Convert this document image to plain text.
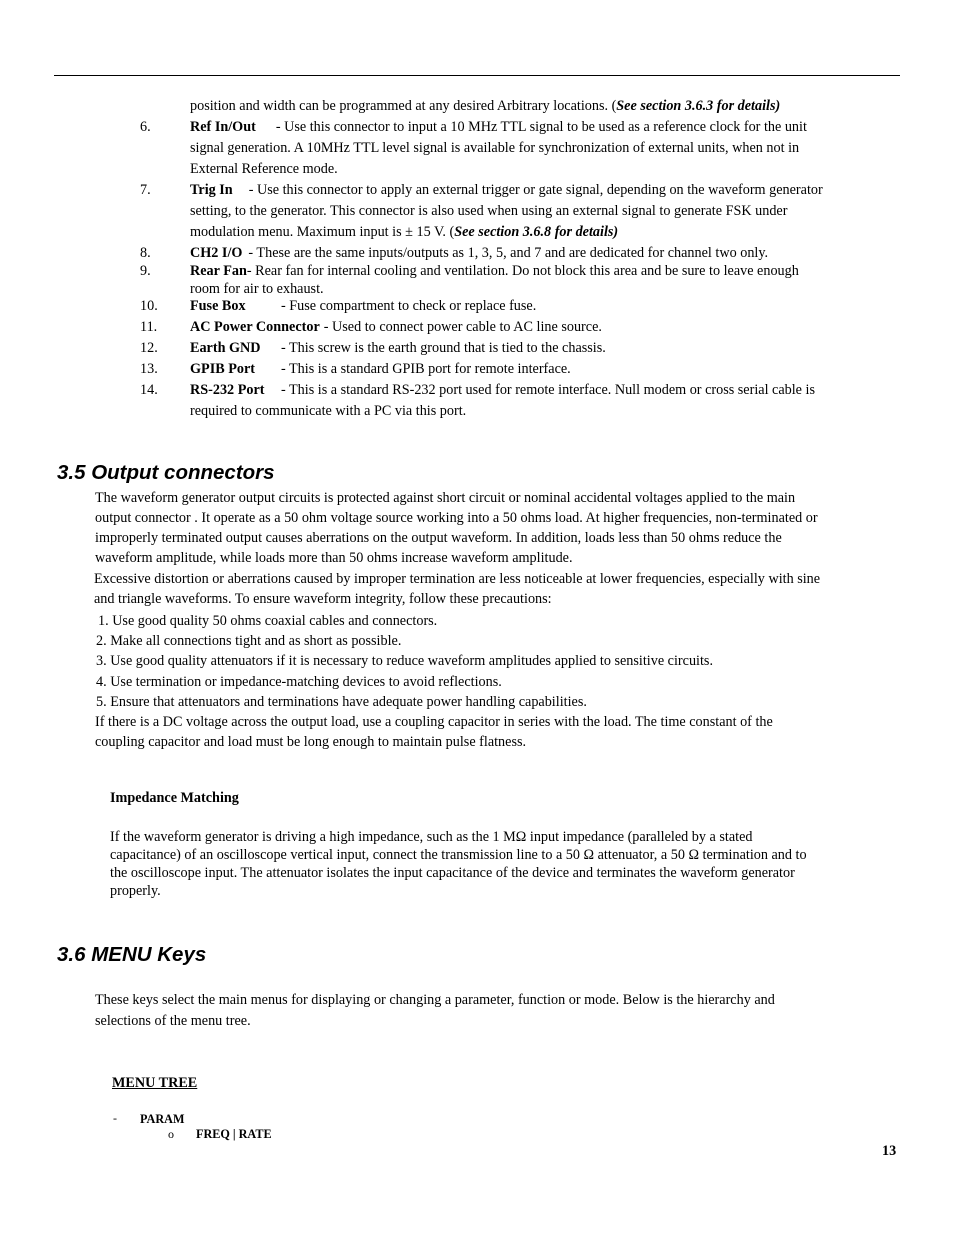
position and width can be programmed at any desired Arbitrary locations. (See section 3.6.3 for details)
6.	Ref In/Out - Use this connector to input a 10 MHz TTL signal to be used as a reference clock for the unit
signal generation. A 10MHz TTL level signal is available for synchronization of external units, when not in
External Reference mode.
7.	Trig In - Use this connector to apply an external trigger or gate signal, depending on the waveform generator
setting, to the generator. This connector is also used when using an external signal to generate FSK under
modulation menu. Maximum input is ± 15 V. (See section 3.6.8 for details)
8.	CH2 I/O - These are the same inputs/outputs as 1, 3, 5, and 7 and are dedicated for channel two only.
9.	Rear Fan- Rear fan for internal cooling and ventilation. Do not block this area and be sure to leave enough
room for air to exhaust.
10. Fuse Box - Fuse compartment to check or replace fuse.
11. AC Power Connector - Used to connect power cable to AC line source.
12. Earth GND - This screw is the earth ground that is tied to the chassis.
13. GPIB Port - This is a standard GPIB port for remote interface.
14. RS-232 Port - This is a standard RS-232 port used for remote interface. Null modem or cross serial cable is
required to communicate with a PC via this port.
3.5 Output connectors
The waveform generator output circuits is protected against short circuit or nominal accidental voltages applied to the main
output connector . It operate as a 50 ohm voltage source working into a 50 ohms load. At higher frequencies, non-terminated or
improperly terminated output causes aberrations on the output waveform. In addition, loads less than 50 ohms reduce the
waveform amplitude, while loads more than 50 ohms increase waveform amplitude.
Excessive distortion or aberrations caused by improper termination are less noticeable at lower frequencies, especially with sine
and triangle waveforms. To ensure waveform integrity, follow these precautions:
1. Use good quality 50 ohms coaxial cables and connectors.
2. Make all connections tight and as short as possible.
3. Use good quality attenuators if it is necessary to reduce waveform amplitudes applied to sensitive circuits.
4. Use termination or impedance-matching devices to avoid reflections.
5. Ensure that attenuators and terminations have adequate power handling capabilities.
If there is a DC voltage across the output load, use a coupling capacitor in series with the load. The time constant of the
coupling capacitor and load must be long enough to maintain pulse flatness.
Impedance Matching
If the waveform generator is driving a high impedance, such as the 1 MΩ input impedance (paralleled by a stated
capacitance) of an oscilloscope vertical input, connect the transmission line to a 50 Ω attenuator, a 50 Ω termination and to
the oscilloscope input. The attenuator isolates the input capacitance of the device and terminates the waveform generator
properly.
3.6 MENU Keys
These keys select the main menus for displaying or changing a parameter, function or mode. Below is the hierarchy and
selections of the menu tree.
MENU TREE
- PARAM
o FREQ | RATE
13
